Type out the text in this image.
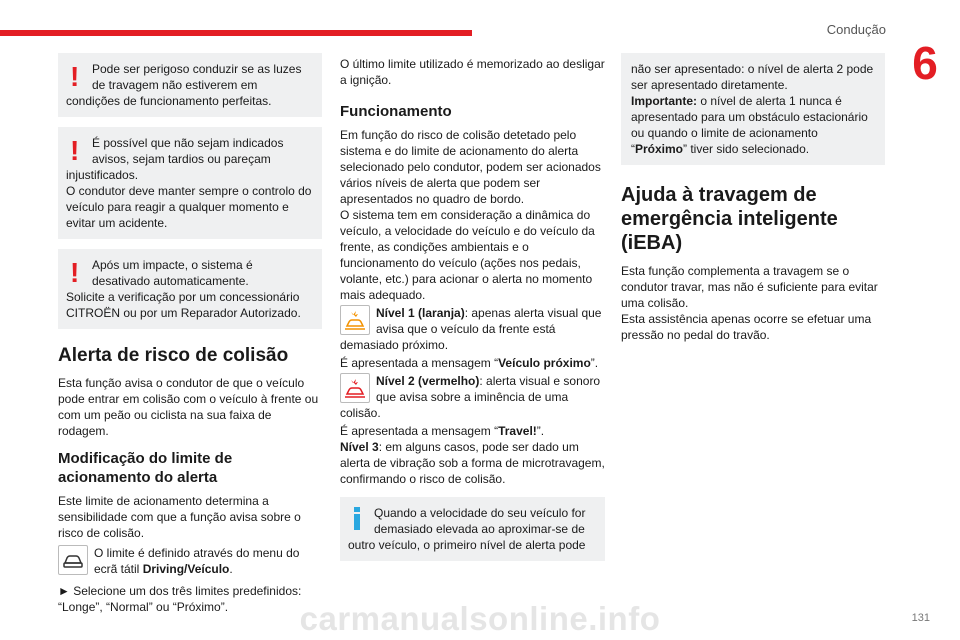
Condução
6
131
!	Pode ser perigoso conduzir se as luzes de travagem não estiverem em condições de funcionamento perfeitas.

!	É possível que não sejam indicados avisos, sejam tardios ou pareçam injustificados.

O condutor deve manter sempre o controlo do veículo para reagir a qualquer momento e evitar um acidente.

!	Após um impacte, o sistema é desativado automaticamente.

Solicite a verificação por um concessionário CITROËN ou por um Reparador Autorizado.

Alerta de risco de colisão

Esta função avisa o condutor de que o veículo pode entrar em colisão com o veículo à frente ou com um peão ou ciclista na sua faixa de rodagem.

Modificação do limite de acionamento do alerta

Este limite de acionamento determina a sensibilidade com que a função avisa sobre o risco de colisão.

O limite é definido através do menu do ecrã tátil Driving/Veículo.

► Selecione um dos três limites predefinidos: “Longe”, “Normal” ou “Próximo”.

O último limite utilizado é memorizado ao desligar a ignição.

Funcionamento

Em função do risco de colisão detetado pelo sistema e do limite de acionamento do alerta selecionado pelo condutor, podem ser acionados vários níveis de alerta que podem ser apresentados no quadro de bordo.

O sistema tem em consideração a dinâmica do veículo, a velocidade do veículo e do veículo da frente, as condições ambientais e o funcionamento do veículo (ações nos pedais, volante, etc.) para acionar o alerta no momento mais adequado.

Nível 1 (laranja): apenas alerta visual que avisa que o veículo da frente está demasiado próximo.

É apresentada a mensagem “Veículo próximo”.

Nível 2 (vermelho): alerta visual e sonoro que avisa sobre a iminência de uma colisão.

É apresentada a mensagem “Travel!”.

Nível 3: em alguns casos, pode ser dado um alerta de vibração sob a forma de microtravagem, confirmando o risco de colisão.

Quando a velocidade do seu veículo for demasiado elevada ao aproximar-se de outro veículo, o primeiro nível de alerta pode

não ser apresentado: o nível de alerta 2 pode ser apresentado diretamente.

Importante: o nível de alerta 1 nunca é apresentado para um obstáculo estacionário ou quando o limite de acionamento “Próximo” tiver sido selecionado.

Ajuda à travagem de emergência inteligente (iEBA)

Esta função complementa a travagem se o condutor travar, mas não é suficiente para evitar uma colisão.

Esta assistência apenas ocorre se efetuar uma pressão no pedal do travão.

carmanualsonline.info
